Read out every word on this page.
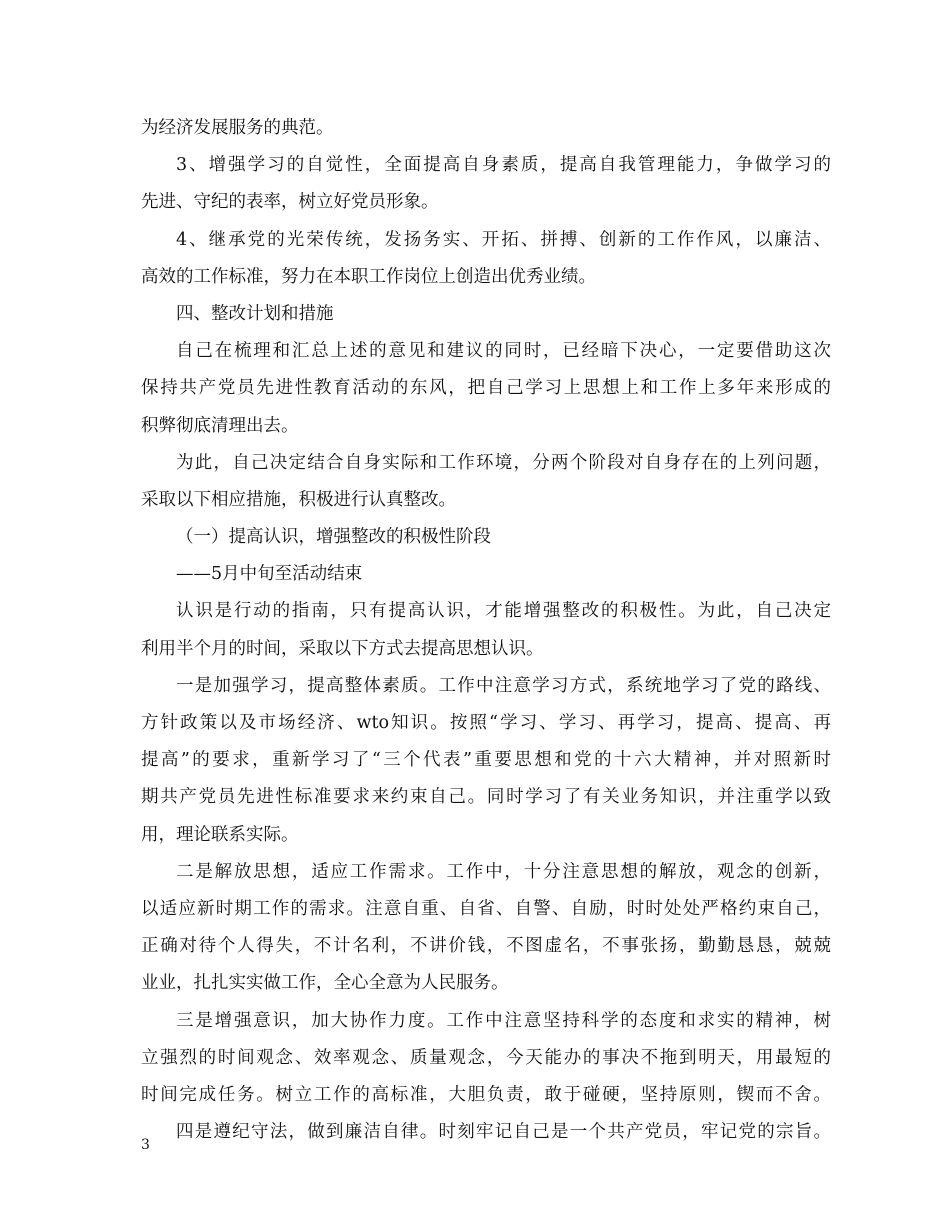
为经济发展服务的典范。
3、增强学习的自觉性，全面提高自身素质，提高自我管理能力，争做学习的
先进、守纪的表率，树立好党员形象。
4、继承党的光荣传统，发扬务实、开拓、拼搏、创新的工作作风，以廉洁、
高效的工作标准，努力在本职工作岗位上创造出优秀业绩。
四、整改计划和措施
自己在梳理和汇总上述的意见和建议的同时，已经暗下决心，一定要借助这次
保持共产党员先进性教育活动的东风，把自己学习上思想上和工作上多年来形成的
积弊彻底清理出去。
为此，自己决定结合自身实际和工作环境，分两个阶段对自身存在的上列问题，
采取以下相应措施，积极进行认真整改。
（一）提高认识，增强整改的积极性阶段
——5月中旬至活动结束
认识是行动的指南，只有提高认识，才能增强整改的积极性。为此，自己决定
利用半个月的时间，采取以下方式去提高思想认识。
一是加强学习，提高整体素质。工作中注意学习方式，系统地学习了党的路线、
方针政策以及市场经济、wto知识。按照“学习、学习、再学习，提高、提高、再
提高”的要求，重新学习了“三个代表”重要思想和党的十六大精神，并对照新时
期共产党员先进性标准要求来约束自己。同时学习了有关业务知识，并注重学以致
用，理论联系实际。
二是解放思想，适应工作需求。工作中，十分注意思想的解放，观念的创新，
以适应新时期工作的需求。注意自重、自省、自警、自励，时时处处严格约束自己，
正确对待个人得失，不计名利，不讲价钱，不图虚名，不事张扬，勤勤恳恳，兢兢
业业，扎扎实实做工作，全心全意为人民服务。
三是增强意识，加大协作力度。工作中注意坚持科学的态度和求实的精神，树
立强烈的时间观念、效率观念、质量观念，今天能办的事决不拖到明天，用最短的
时间完成任务。树立工作的高标准，大胆负责，敢于碰硬，坚持原则，锲而不舍。
四是遵纪守法，做到廉洁自律。时刻牢记自己是一个共产党员，牢记党的宗旨。
3
